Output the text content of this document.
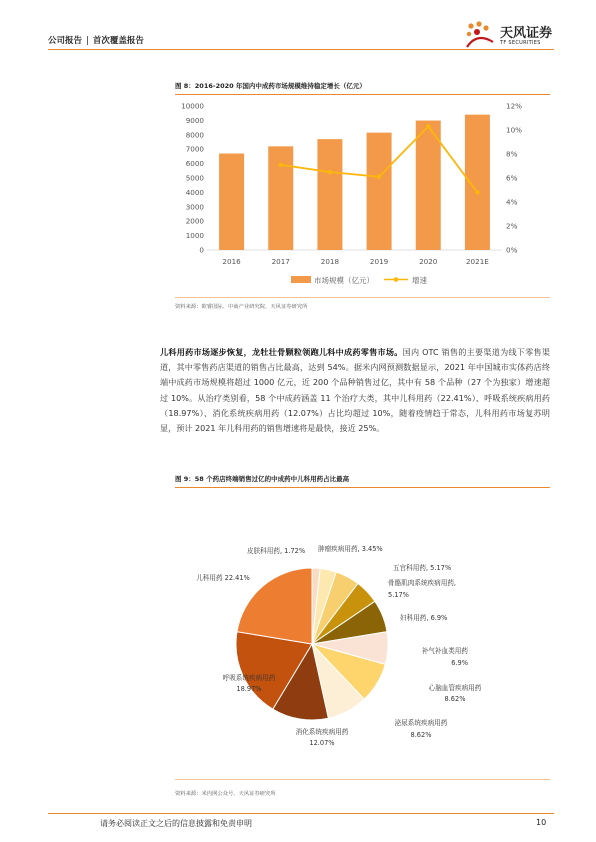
公司报告 | 首次覆盖报告	天风证券
TF SECURITIES
图 8：2016-2020 年国内中成药市场规模维持稳定增长（亿元）
0
1000
2000
3000
4000
5000
6000
7000
8000
9000
10000
0%
2%
4%
6%
8%
10%
12%
2016	2017	2018	2019	2020	2021E
市场规模（亿元）	增速
资料来源：欧睿国际、中商产业研究院、天风证券研究所
儿科用药市场逐步恢复，龙牡壮骨颗粒领跑儿科中成药零售市场。国内 OTC 销售的主要渠道为线下零售渠道，其中零售药店渠道的销售占比最高，达到 54%。据米内网预测数据显示，2021 年中国城市实体药店终端中成药市场规模将超过 1000 亿元，近 200 个品种销售过亿，其中有 58 个品种（27 个为独家）增速超过 10%。从治疗类别看，58 个中成药涵盖 11 个治疗大类，其中儿科用药（22.41%）、呼吸系统疾病用药（18.97%）、消化系统疾病用药（12.07%）占比均超过 10%，随着疫情趋于常态，儿科用药市场复苏明显，预计 2021 年儿科用药的销售增速将是最快，接近 25%。
图 9：58 个药店终端销售过亿的中成药中儿科用药占比最高
皮肤科用药, 1.72% 肿瘤疾病用药, 3.45%
五官科用药, 5.17%
骨骼肌肉系统疾病用药,
5.17%
妇科用药, 6.9%
补气补血类用药
6.9%
心脑血管疾病用药
8.62%
泌尿系统疾病用药
8.62%
消化系统疾病用药
12.07%
呼吸系统疾病用药
18.97%
儿科用药 22.41%
资料来源：米内网公众号、天风证券研究所
请务必阅读正文之后的信息披露和免责申明	10
